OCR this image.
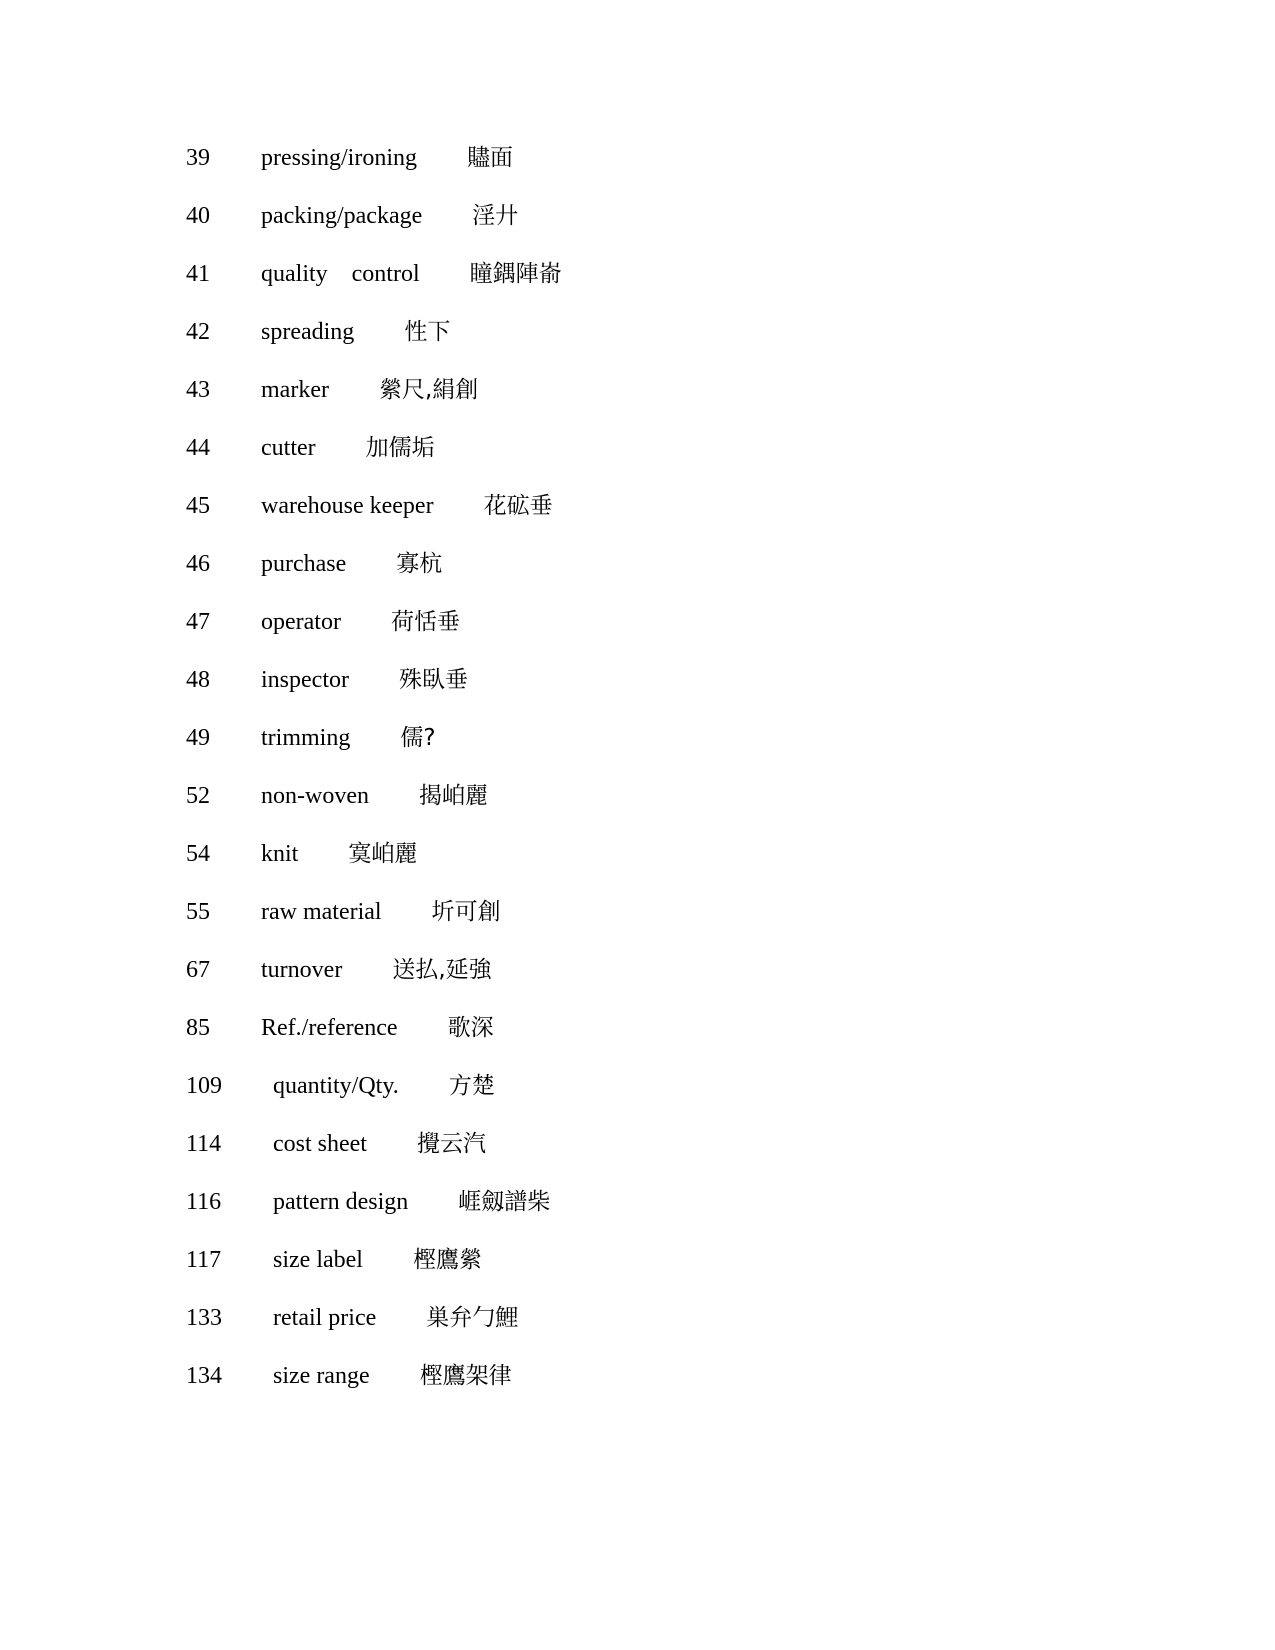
39	pressing/ironing 贐面
40	packing/package 淫廾
41	quality    control 瞳鍝陣嵛
42	spreading 性下
43	marker 縈尺,絹創
44	cutter 加儒垢
45	warehouse keeper 花砿垂
46	purchase 寡杭
47	operator 荷恬垂
48	inspector 殊臥垂
49	trimming 儒?
52	non-woven 揭岶麗
54	knit 寞岶麗
55	raw material 圻可創
67	turnover 送払,延強
85	Ref./reference 歌深
109	quantity/Qty. 方楚
114	cost sheet 攪云汽
116	pattern design 崕劔譜柴
117	size label 樫鷹縈
133	retail price 巣弁勹鯉
134	size range 樫鷹架律
